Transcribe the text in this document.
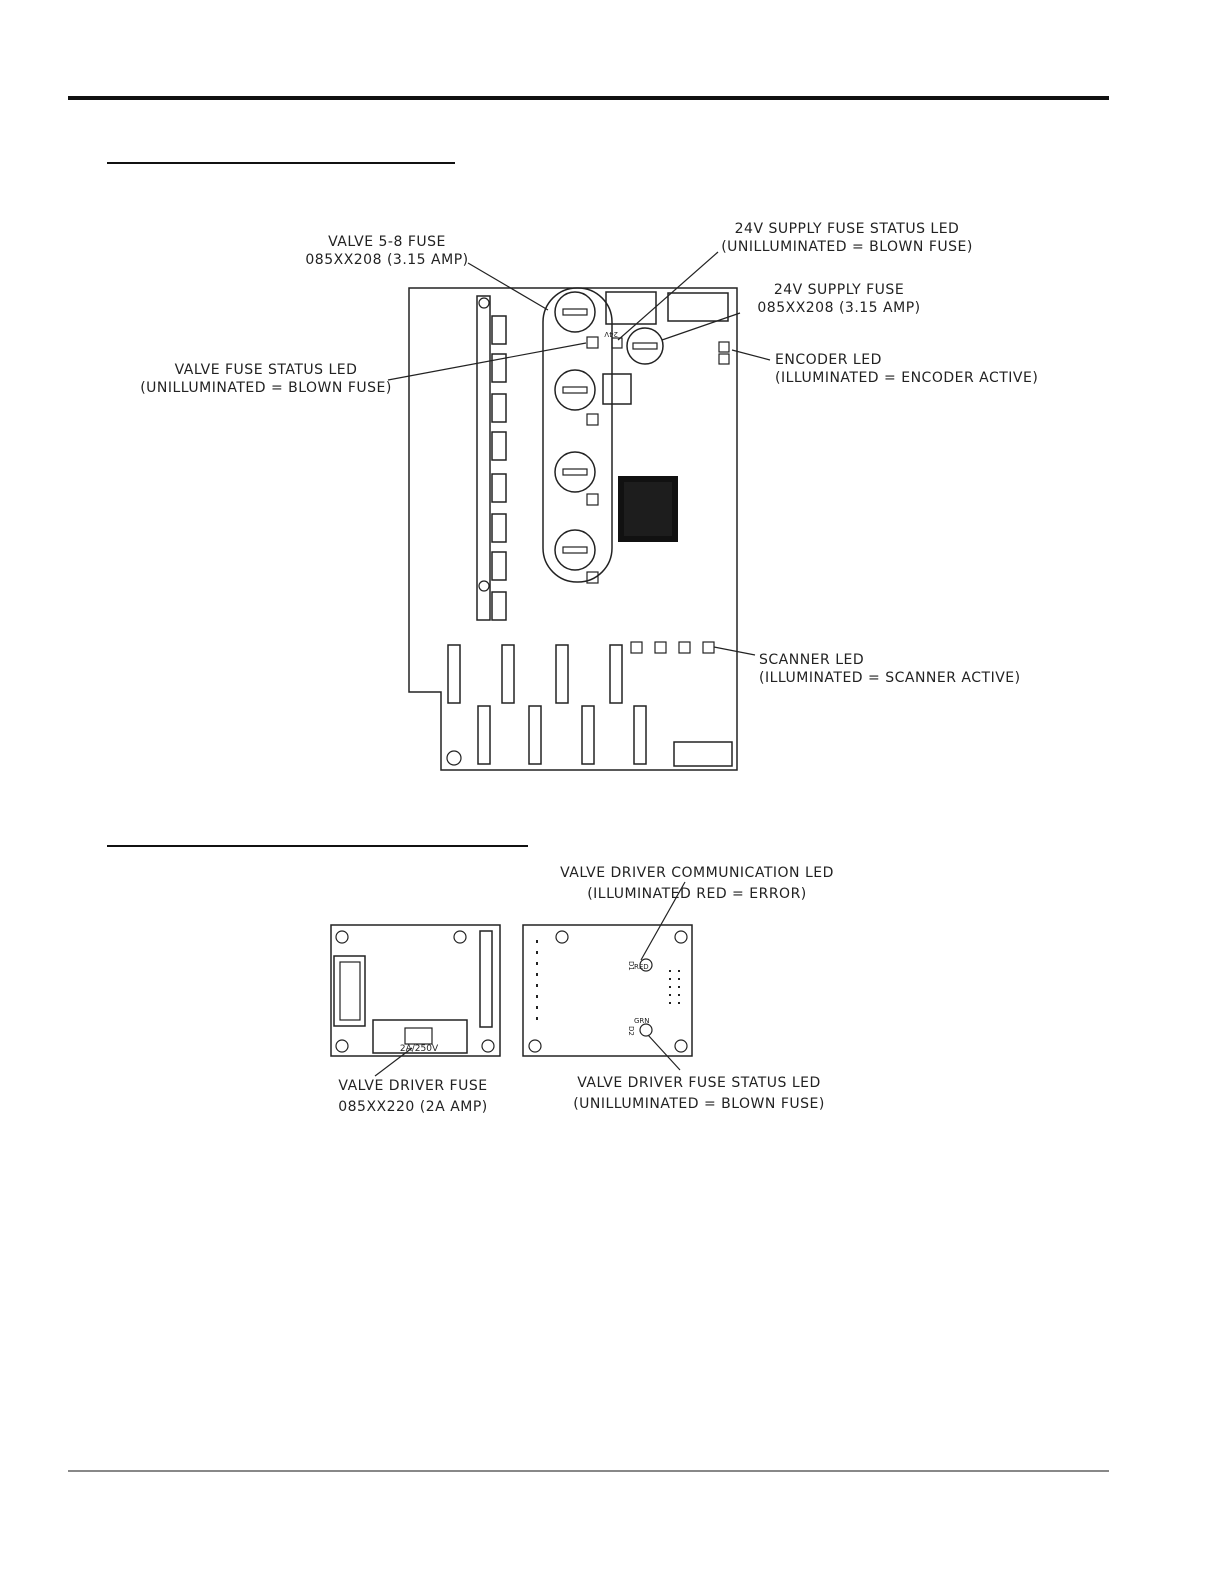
24V
VALVE 5-8 FUSE
085XX208 (3.15 AMP)
24V SUPPLY FUSE STATUS LED
(UNILLUMINATED = BLOWN FUSE)
24V SUPPLY FUSE
085XX208 (3.15 AMP)
VALVE FUSE STATUS LED
(UNILLUMINATED = BLOWN FUSE)
ENCODER LED
(ILLUMINATED = ENCODER ACTIVE)
SCANNER LED
(ILLUMINATED = SCANNER ACTIVE)
2A/250V
D1 RED
D2
GRN
VALVE DRIVER COMMUNICATION LED
(ILLUMINATED RED = ERROR)
VALVE DRIVER FUSE
085XX220 (2A AMP)
VALVE DRIVER FUSE STATUS LED
(UNILLUMINATED = BLOWN FUSE)
